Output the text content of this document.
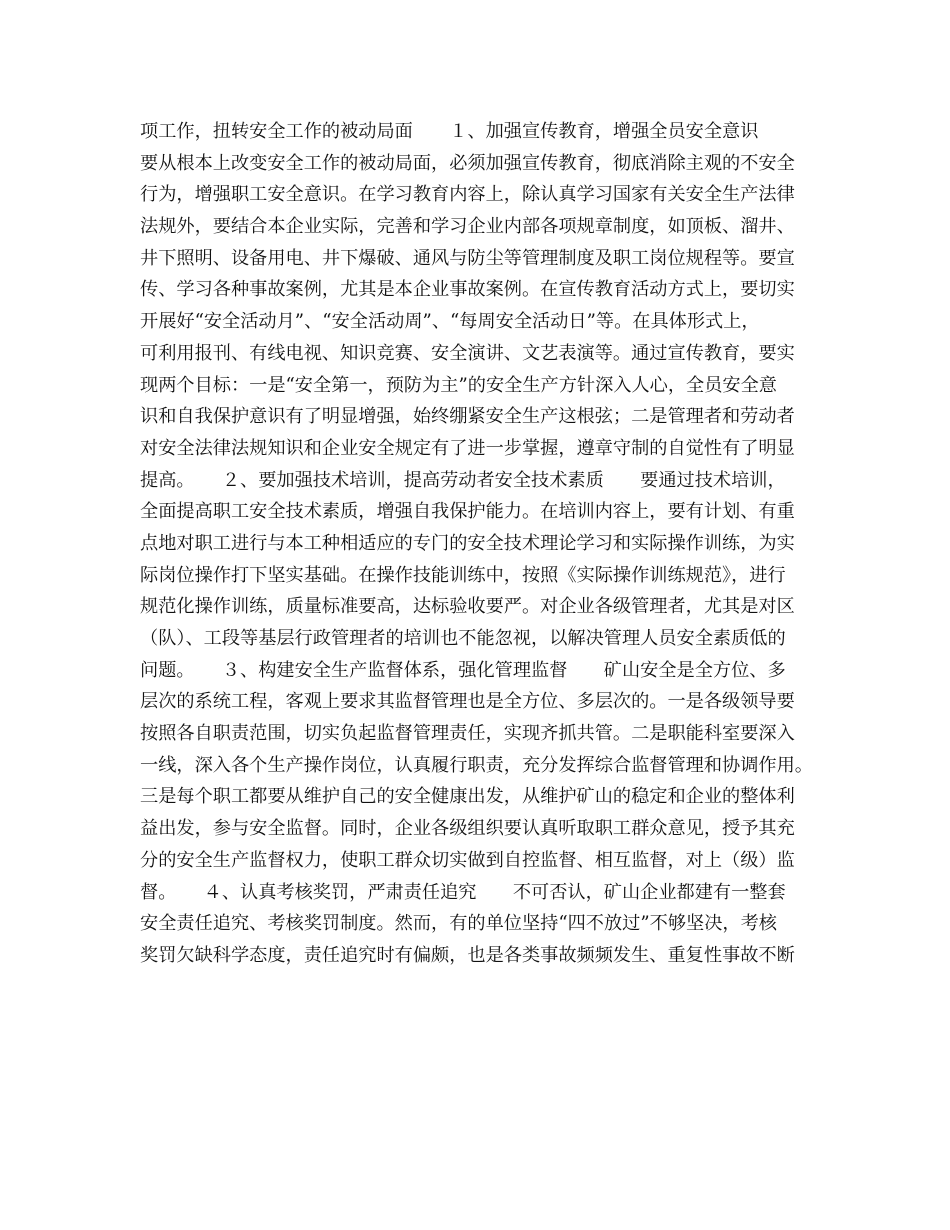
项工作，扭转安全工作的被动局面　　１、加强宣传教育，增强全员安全意识
要从根本上改变安全工作的被动局面，必须加强宣传教育，彻底消除主观的不安全
行为，增强职工安全意识。在学习教育内容上，除认真学习国家有关安全生产法律
法规外，要结合本企业实际，完善和学习企业内部各项规章制度，如顶板、溜井、
井下照明、设备用电、井下爆破、通风与防尘等管理制度及职工岗位规程等。要宣
传、学习各种事故案例，尤其是本企业事故案例。在宣传教育活动方式上，要切实
开展好“安全活动月”、“安全活动周”、“每周安全活动日”等。在具体形式上，
可利用报刊、有线电视、知识竞赛、安全演讲、文艺表演等。通过宣传教育，要实
现两个目标：一是“安全第一，预防为主”的安全生产方针深入人心，全员安全意
识和自我保护意识有了明显增强，始终绷紧安全生产这根弦；二是管理者和劳动者
对安全法律法规知识和企业安全规定有了进一步掌握，遵章守制的自觉性有了明显
提高。　　２、要加强技术培训，提高劳动者安全技术素质　　要通过技术培训，
全面提高职工安全技术素质，增强自我保护能力。在培训内容上，要有计划、有重
点地对职工进行与本工种相适应的专门的安全技术理论学习和实际操作训练，为实
际岗位操作打下坚实基础。在操作技能训练中，按照《实际操作训练规范》，进行
规范化操作训练，质量标准要高，达标验收要严。对企业各级管理者，尤其是对区
（队）、工段等基层行政管理者的培训也不能忽视，以解决管理人员安全素质低的
问题。　　３、构建安全生产监督体系，强化管理监督　　矿山安全是全方位、多
层次的系统工程，客观上要求其监督管理也是全方位、多层次的。一是各级领导要
按照各自职责范围，切实负起监督管理责任，实现齐抓共管。二是职能科室要深入
一线，深入各个生产操作岗位，认真履行职责，充分发挥综合监督管理和协调作用。
三是每个职工都要从维护自己的安全健康出发，从维护矿山的稳定和企业的整体利
益出发，参与安全监督。同时，企业各级组织要认真听取职工群众意见，授予其充
分的安全生产监督权力，使职工群众切实做到自控监督、相互监督，对上（级）监
督。　　４、认真考核奖罚，严肃责任追究　　不可否认，矿山企业都建有一整套
安全责任追究、考核奖罚制度。然而，有的单位坚持“四不放过”不够坚决，考核
奖罚欠缺科学态度，责任追究时有偏颇，也是各类事故频频发生、重复性事故不断
